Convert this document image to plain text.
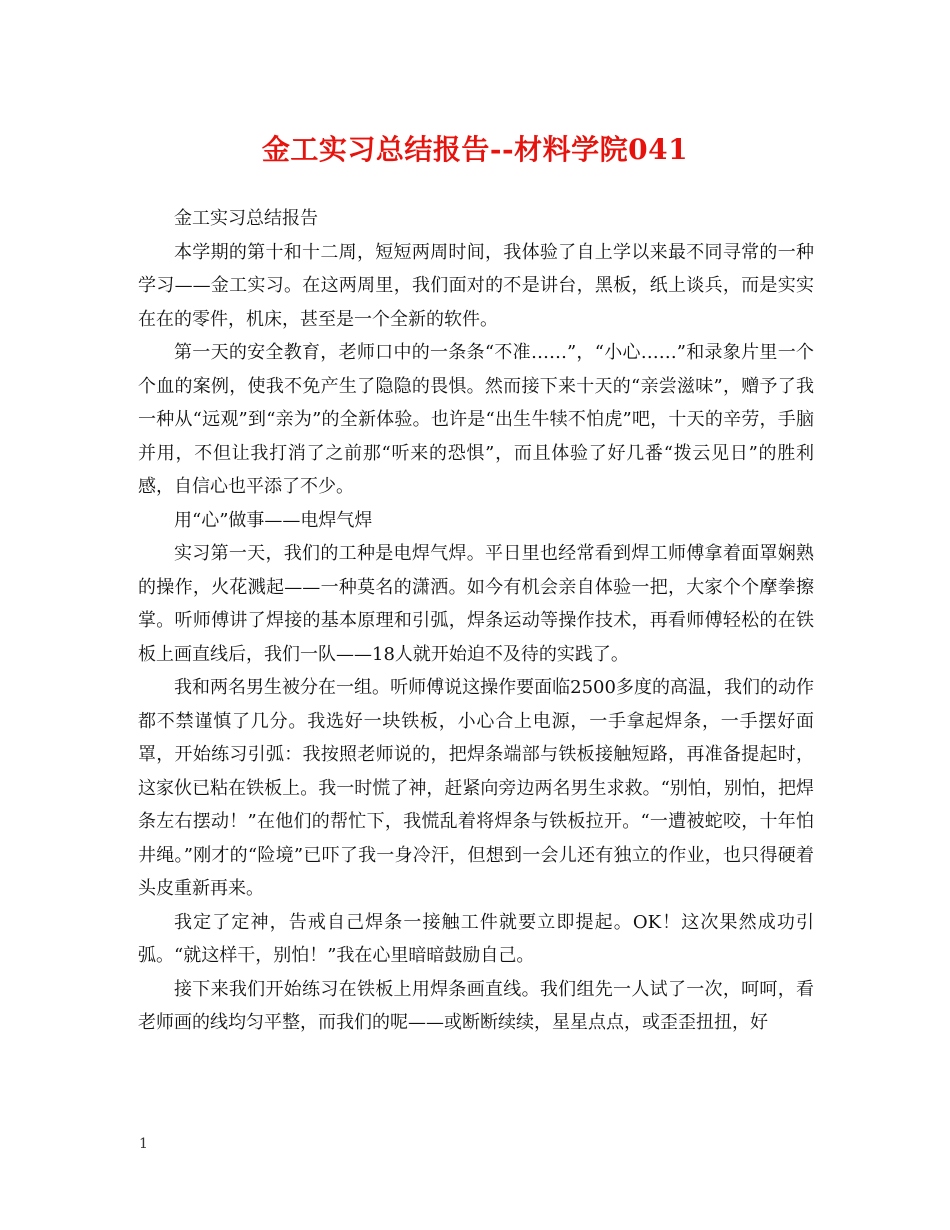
金工实习总结报告--材料学院041

金工实习总结报告

本学期的第十和十二周，短短两周时间，我体验了自上学以来最不同寻常的一种学习——金工实习。在这两周里，我们面对的不是讲台，黑板，纸上谈兵，而是实实在在的零件，机床，甚至是一个全新的软件。

第一天的安全教育，老师口中的一条条“不准……”，“小心……”和录象片里一个个血的案例，使我不免产生了隐隐的畏惧。然而接下来十天的“亲尝滋味”，赠予了我一种从“远观”到“亲为”的全新体验。也许是“出生牛犊不怕虎”吧，十天的辛劳，手脑并用，不但让我打消了之前那“听来的恐惧”，而且体验了好几番“拨云见日”的胜利感，自信心也平添了不少。

用“心”做事——电焊气焊

实习第一天，我们的工种是电焊气焊。平日里也经常看到焊工师傅拿着面罩娴熟的操作，火花溅起——一种莫名的潇洒。如今有机会亲自体验一把，大家个个摩拳擦掌。听师傅讲了焊接的基本原理和引弧，焊条运动等操作技术，再看师傅轻松的在铁板上画直线后，我们一队——18人就开始迫不及待的实践了。

我和两名男生被分在一组。听师傅说这操作要面临2500多度的高温，我们的动作都不禁谨慎了几分。我选好一块铁板，小心合上电源，一手拿起焊条，一手摆好面罩，开始练习引弧：我按照老师说的，把焊条端部与铁板接触短路，再准备提起时，这家伙已粘在铁板上。我一时慌了神，赶紧向旁边两名男生求救。“别怕，别怕，把焊条左右摆动！”在他们的帮忙下，我慌乱着将焊条与铁板拉开。“一遭被蛇咬，十年怕井绳。”刚才的“险境”已吓了我一身冷汗，但想到一会儿还有独立的作业，也只得硬着头皮重新再来。

我定了定神，告戒自己焊条一接触工件就要立即提起。OK！这次果然成功引弧。“就这样干，别怕！”我在心里暗暗鼓励自己。

接下来我们开始练习在铁板上用焊条画直线。我们组先一人试了一次，呵呵，看老师画的线均匀平整，而我们的呢——或断断续续，星星点点，或歪歪扭扭，好

1
